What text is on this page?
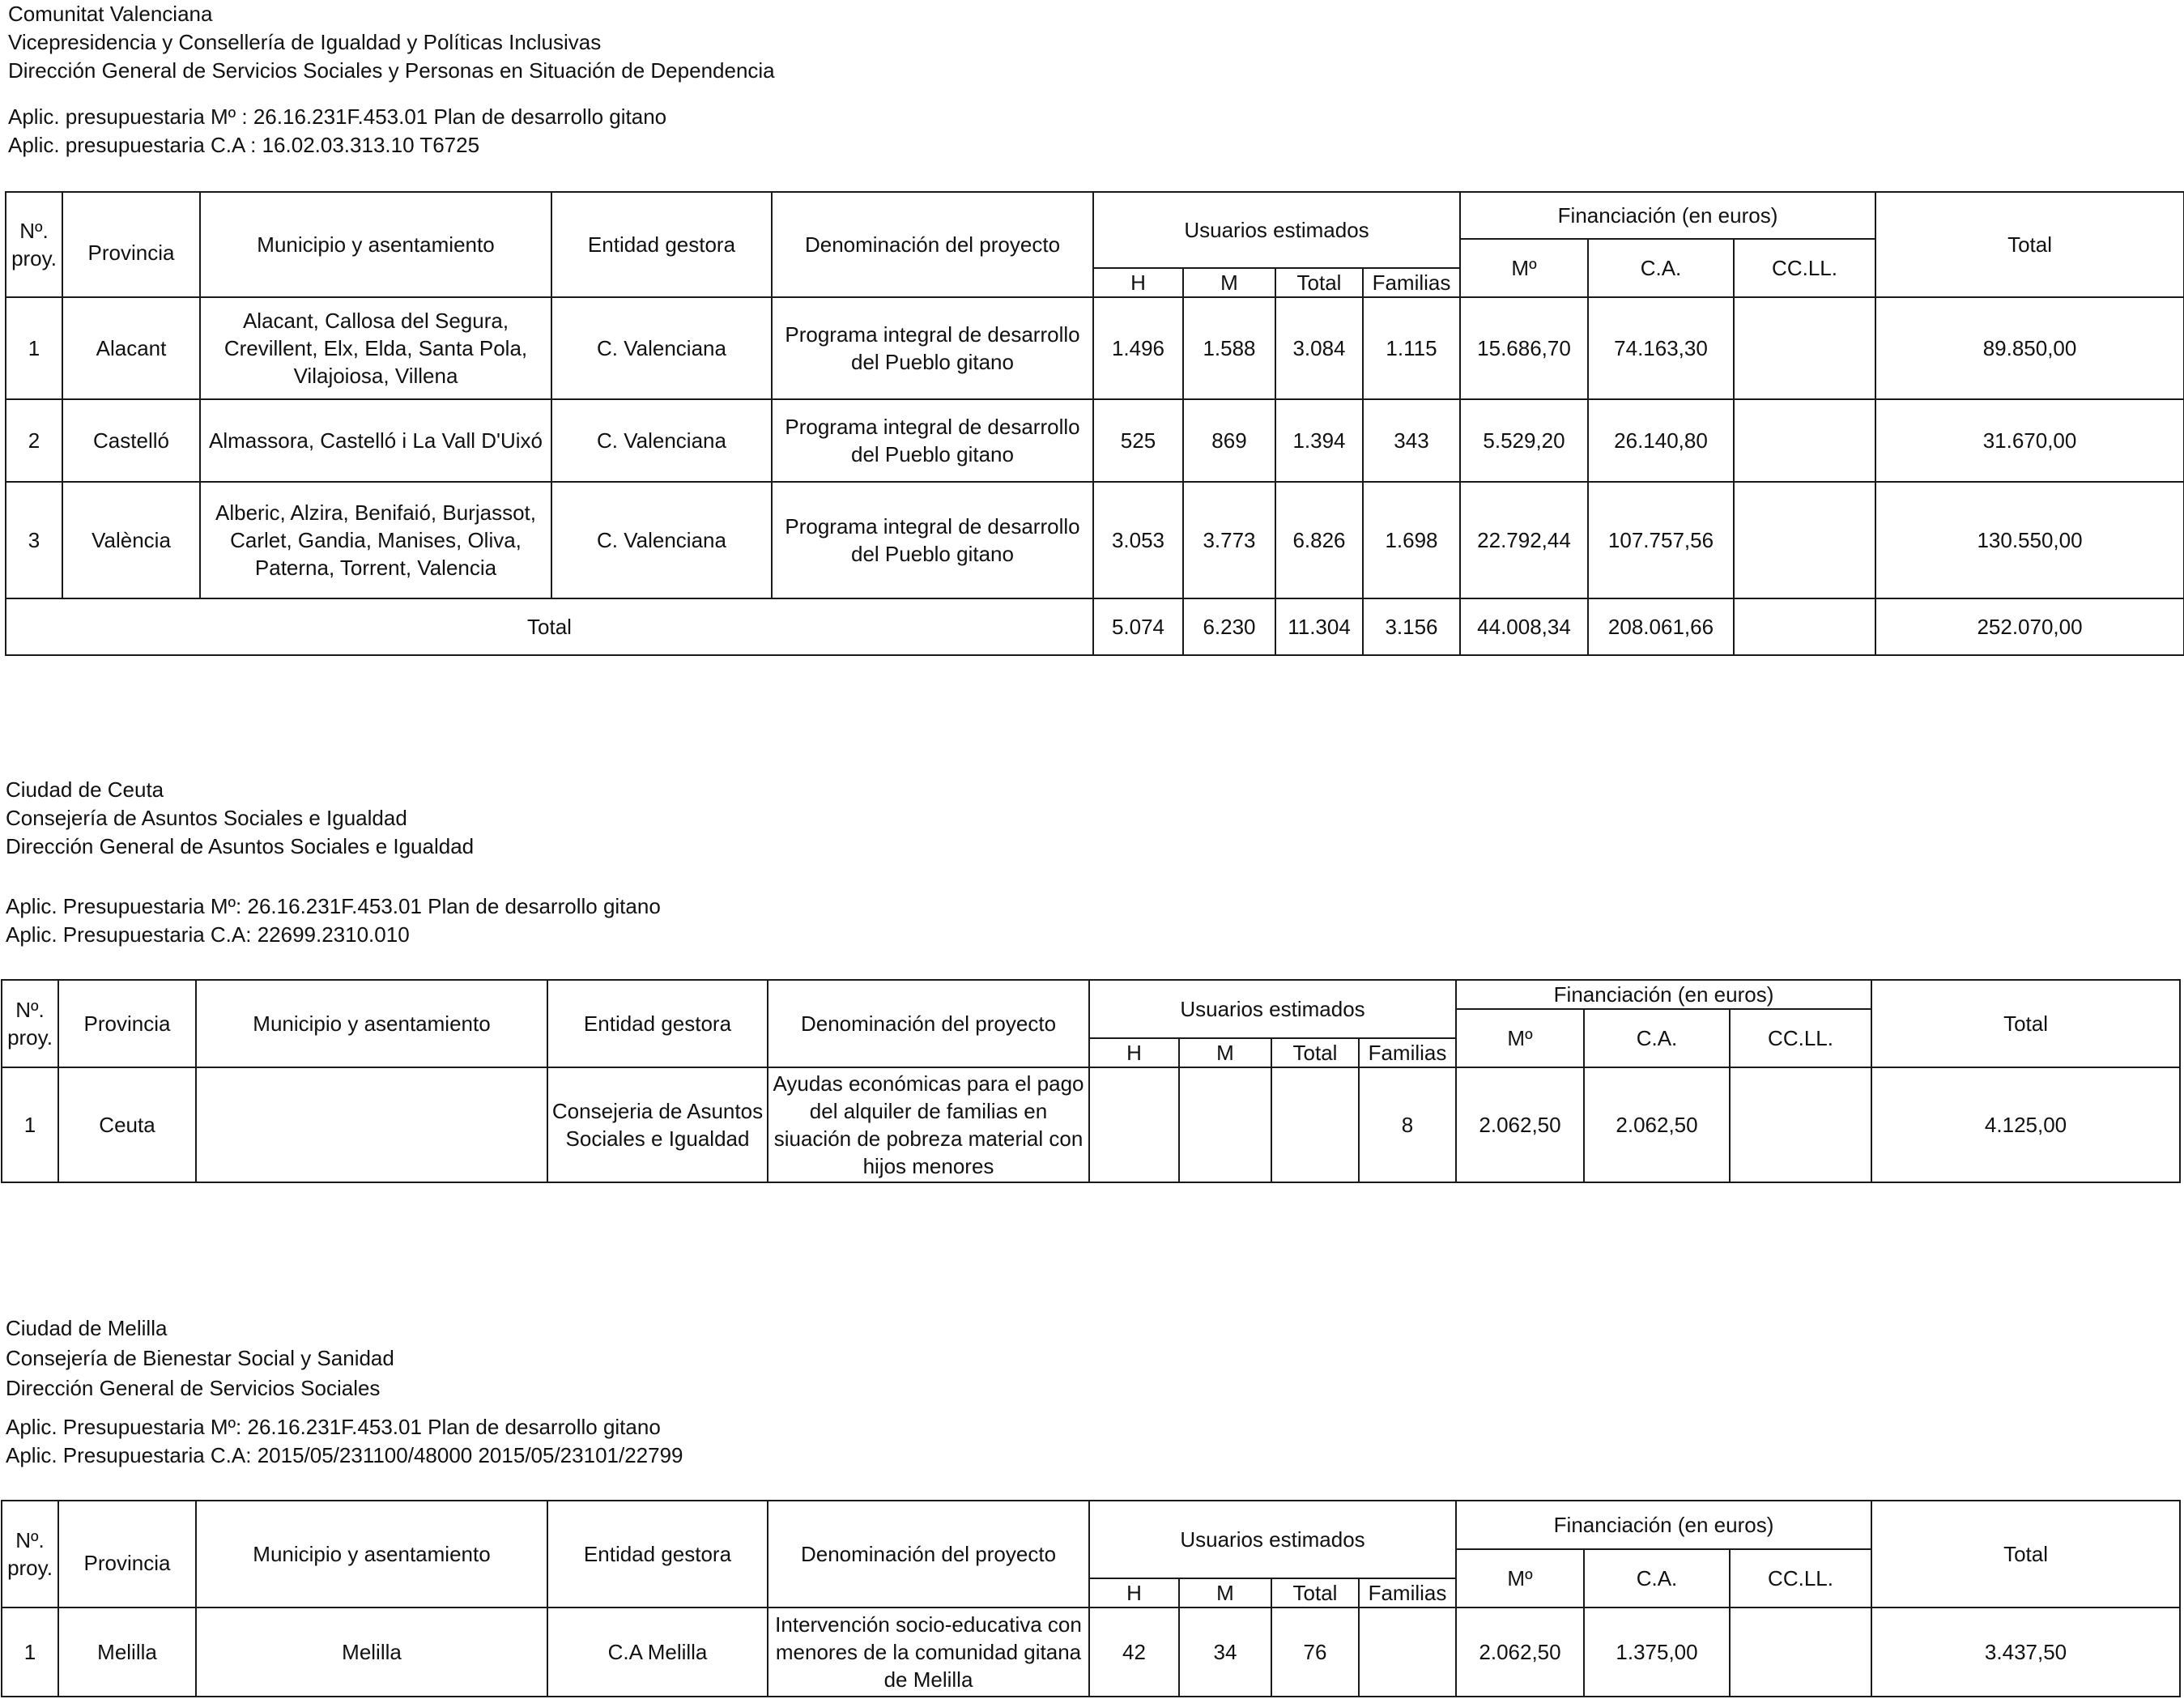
Comunitat Valenciana
Vicepresidencia y Consellería de Igualdad y Políticas Inclusivas
Dirección General de Servicios Sociales y Personas en Situación de Dependencia
Aplic. presupuestaria Mº : 26.16.231F.453.01 Plan de desarrollo gitano
Aplic. presupuestaria C.A : 16.02.03.313.10 T6725
Nº. proy.	Provincia	Municipio y asentamiento	Entidad gestora	Denominación del proyecto	Usuarios estimados				Financiación (en euros)			Total
									Mº	C.A.	CC.LL.	
					H	M	Total	Familias				
1	Alacant	Alacant, Callosa del Segura, Crevillent, Elx, Elda, Santa Pola, Vilajoiosa, Villena	C. Valenciana	Programa integral de desarrollo del Pueblo gitano	1.496	1.588	3.084	1.115	15.686,70	74.163,30		89.850,00
2	Castelló	Almassora, Castelló i La Vall D'Uixó	C. Valenciana	Programa integral de desarrollo del Pueblo gitano	525	869	1.394	343	5.529,20	26.140,80		31.670,00
3	València	Alberic, Alzira, Benifaió, Burjassot, Carlet, Gandia, Manises, Oliva, Paterna, Torrent, Valencia	C. Valenciana	Programa integral de desarrollo del Pueblo gitano	3.053	3.773	6.826	1.698	22.792,44	107.757,56		130.550,00
Total					5.074	6.230	11.304	3.156	44.008,34	208.061,66		252.070,00
Ciudad de Ceuta
Consejería de Asuntos Sociales e Igualdad
Dirección General de Asuntos Sociales e Igualdad
Aplic. Presupuestaria Mº: 26.16.231F.453.01 Plan de desarrollo gitano
Aplic. Presupuestaria C.A: 22699.2310.010
Nº. proy.	Provincia	Municipio y asentamiento	Entidad gestora	Denominación del proyecto	Usuarios estimados				Financiación (en euros)			Total
									Mº	C.A.	CC.LL.	
					H	M	Total	Familias				
1	Ceuta		Consejeria de Asuntos Sociales e Igualdad	Ayudas económicas para el pago del alquiler de familias en siuación de pobreza material con hijos menores				8	2.062,50	2.062,50		4.125,00
Ciudad de Melilla
Consejería de Bienestar Social y Sanidad
Dirección General de Servicios Sociales
Aplic. Presupuestaria Mº: 26.16.231F.453.01 Plan de desarrollo gitano
Aplic. Presupuestaria C.A: 2015/05/231100/48000 2015/05/23101/22799
Nº. proy.	Provincia	Municipio y asentamiento	Entidad gestora	Denominación del proyecto	Usuarios estimados				Financiación (en euros)			Total
									Mº	C.A.	CC.LL.	
					H	M	Total	Familias				
1	Melilla	Melilla	C.A Melilla	Intervención socio-educativa con menores de la comunidad gitana de Melilla	42	34	76		2.062,50	1.375,00		3.437,50
